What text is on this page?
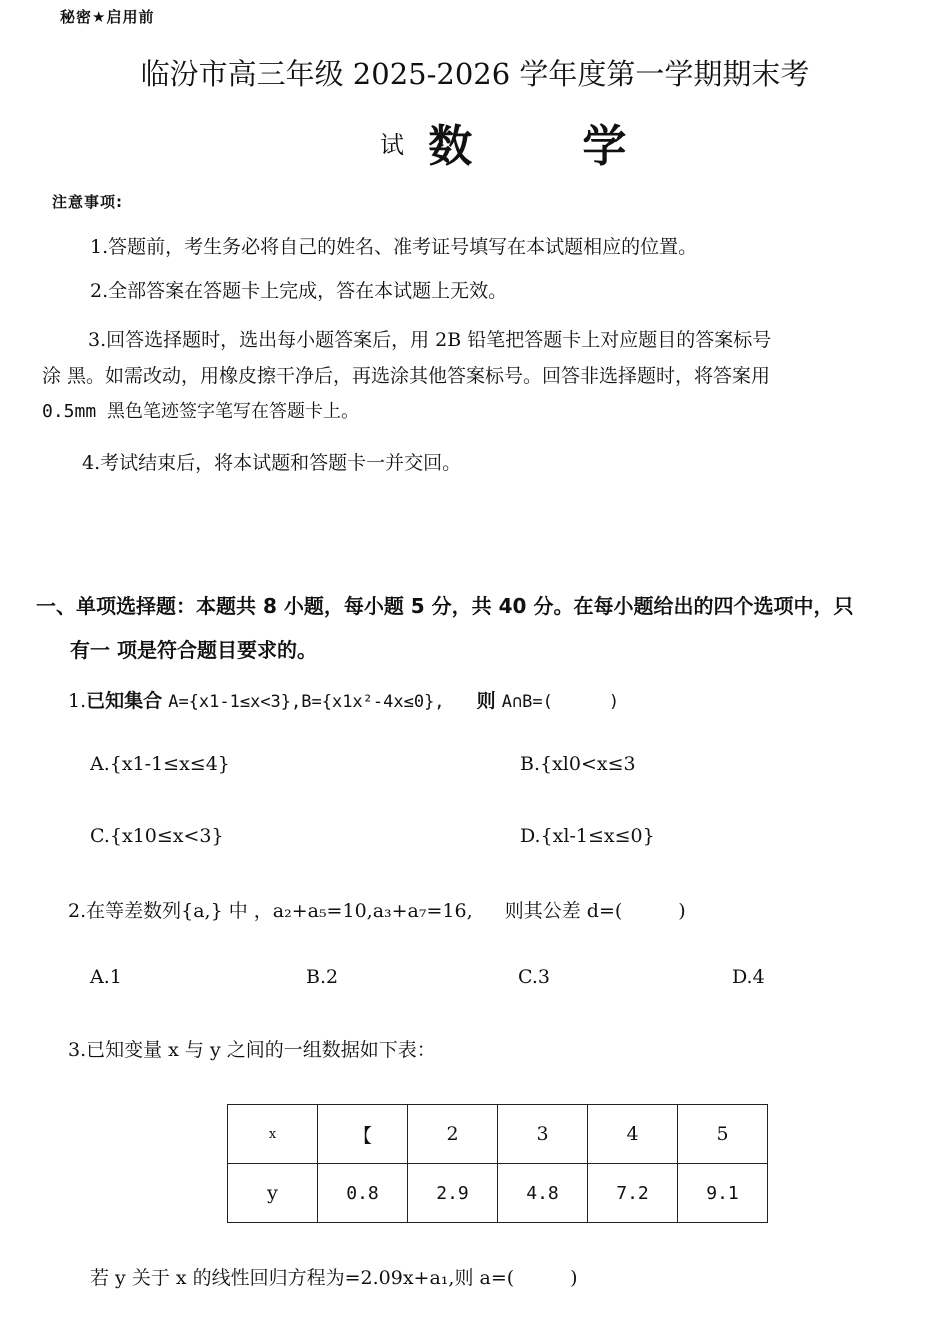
秘密★启用前
临汾市高三年级 2025-2026 学年度第一学期期末考
试 数	学
注意事项:
1.答题前，考生务必将自己的姓名、准考证号填写在本试题相应的位置。
2.全部答案在答题卡上完成，答在本试题上无效。
3.回答选择题时，选出每小题答案后，用 2B 铅笔把答题卡上对应题目的答案标号
涂 黑。如需改动，用橡皮擦干净后，再选涂其他答案标号。回答非选择题时，将答案用
0.5mm 黑色笔迹签字笔写在答题卡上。
4.考试结束后，将本试题和答题卡一并交回。
一、单项选择题：本题共 8 小题，每小题 5 分，共 40 分。在每小题给出的四个选项中，只
有一 项是符合题目要求的。
1.已知集合 A={x1-1≤x<3},B={x1x²-4x≤0}, 则 A∩B=(	)
A.{x1-1≤x≤4}	B.{xl0<x≤3
C.{x10≤x<3}	D.{xl-1≤x≤0}
2.在等差数列{a,} 中 ，a₂+a₅=10,a₃+a₇=16, 则其公差 d=(	)
A.1	B.2	C.3	D.4
3.已知变量 x 与 y 之间的一组数据如下表：
x	【	2	3	4	5
y	0.8	2.9	4.8	7.2	9.1
若 y 关于 x 的线性回归方程为=2.09x+a₁,则 a=(	)
